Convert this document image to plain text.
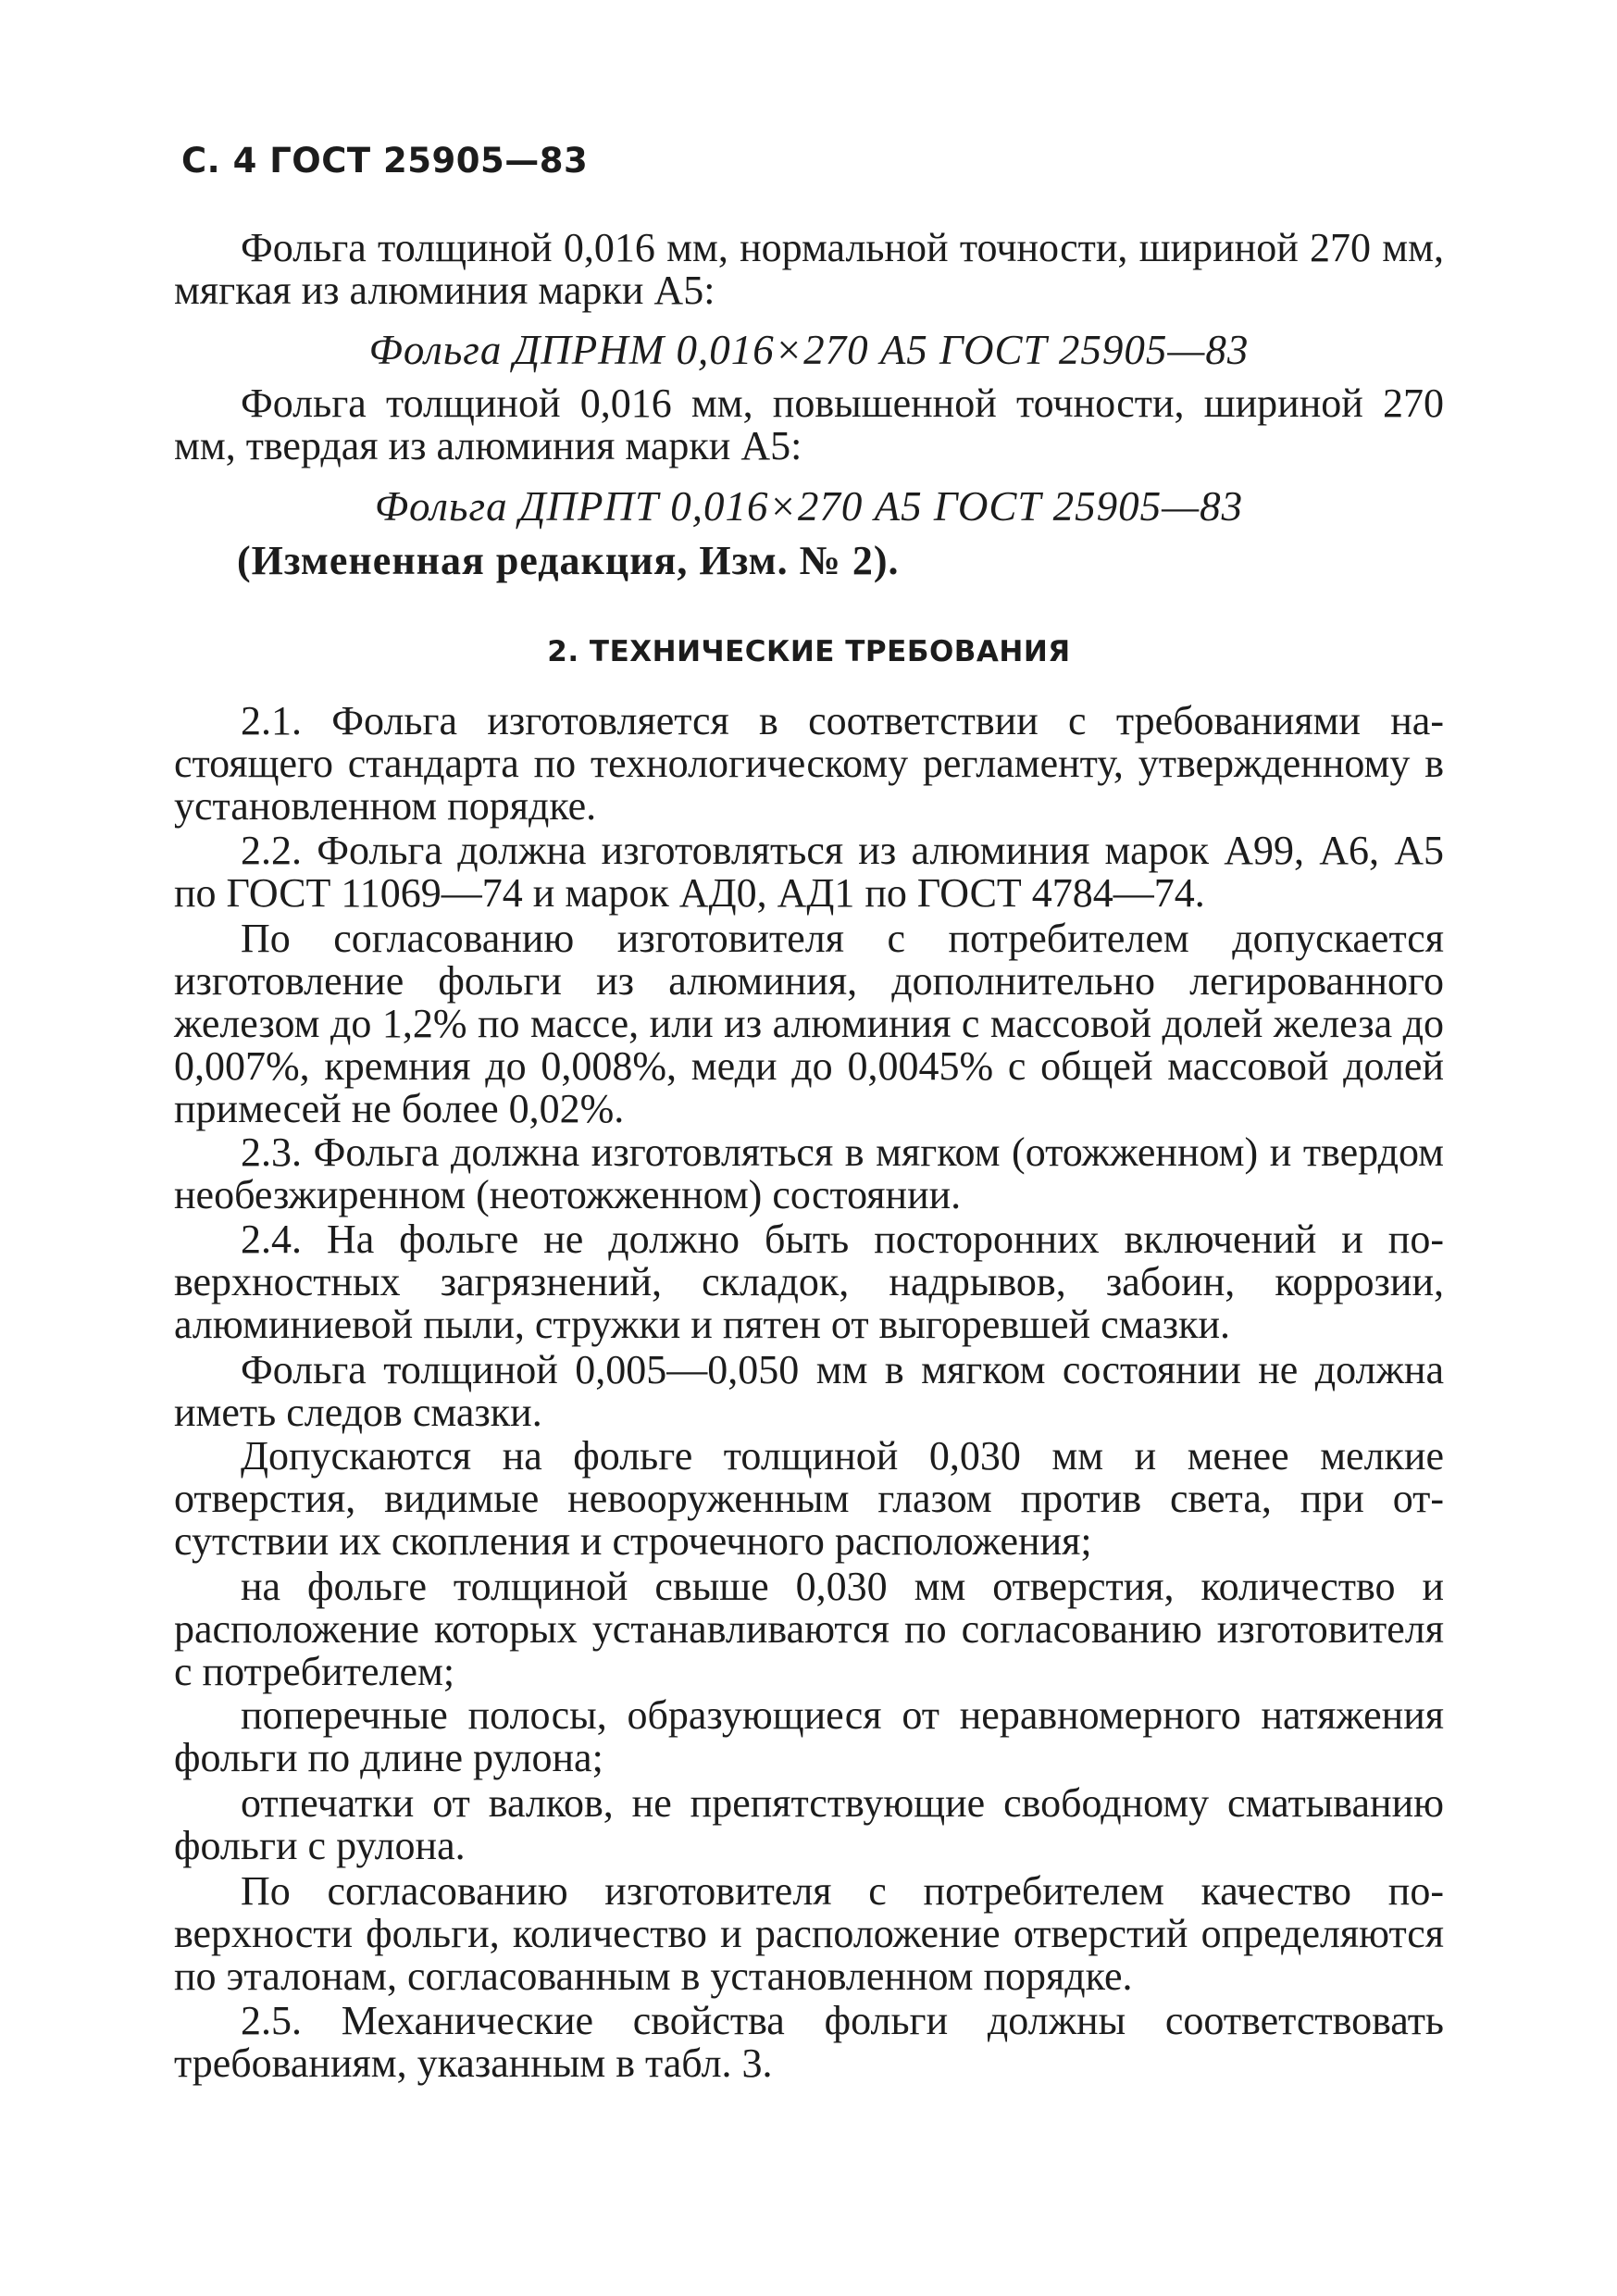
С. 4 ГОСТ 25905—83
Фольга толщиной 0,016 мм, нормальной точности, шириной 270 мм, мягкая из алюминия марки А5:
Фольга ДПРНМ 0,016×270 А5 ГОСТ 25905—83
Фольга толщиной 0,016 мм, повышенной точности, шириной 270 мм, твердая из алюминия марки А5:
Фольга ДПРПТ 0,016×270 А5 ГОСТ 25905—83
(Измененная редакция, Изм. № 2).
2. ТЕХНИЧЕСКИЕ ТРЕБОВАНИЯ
2.1. Фольга изготовляется в соответствии с требованиями настоящего стандарта по технологическому регламенту, утвержденному в установленном порядке.
2.2. Фольга должна изготовляться из алюминия марок А99, А6, А5 по ГОСТ 11069—74 и марок АД0, АД1 по ГОСТ 4784—74.
По согласованию изготовителя с потребителем допускается изготовление фольги из алюминия, дополнительно легированного железом до 1,2% по массе, или из алюминия с массовой долей железа до 0,007%, кремния до 0,008%, меди до 0,0045% с общей массовой долей примесей не более 0,02%.
2.3. Фольга должна изготовляться в мягком (отожженном) и твердом необезжиренном (неотожженном) состоянии.
2.4. На фольге не должно быть посторонних включений и поверхностных загрязнений, складок, надрывов, забоин, коррозии, алюминиевой пыли, стружки и пятен от выгоревшей смазки.
Фольга толщиной 0,005—0,050 мм в мягком состоянии не должна иметь следов смазки.
Допускаются на фольге толщиной 0,030 мм и менее мелкие отверстия, видимые невооруженным глазом против света, при отсутствии их скопления и строчечного расположения;
на фольге толщиной свыше 0,030 мм отверстия, количество и расположение которых устанавливаются по согласованию изготовителя с потребителем;
поперечные полосы, образующиеся от неравномерного натяжения фольги по длине рулона;
отпечатки от валков, не препятствующие свободному сматыванию фольги с рулона.
По согласованию изготовителя с потребителем качество поверхности фольги, количество и расположение отверстий определяются по эталонам, согласованным в установленном порядке.
2.5. Механические свойства фольги должны соответствовать требованиям, указанным в табл. 3.
